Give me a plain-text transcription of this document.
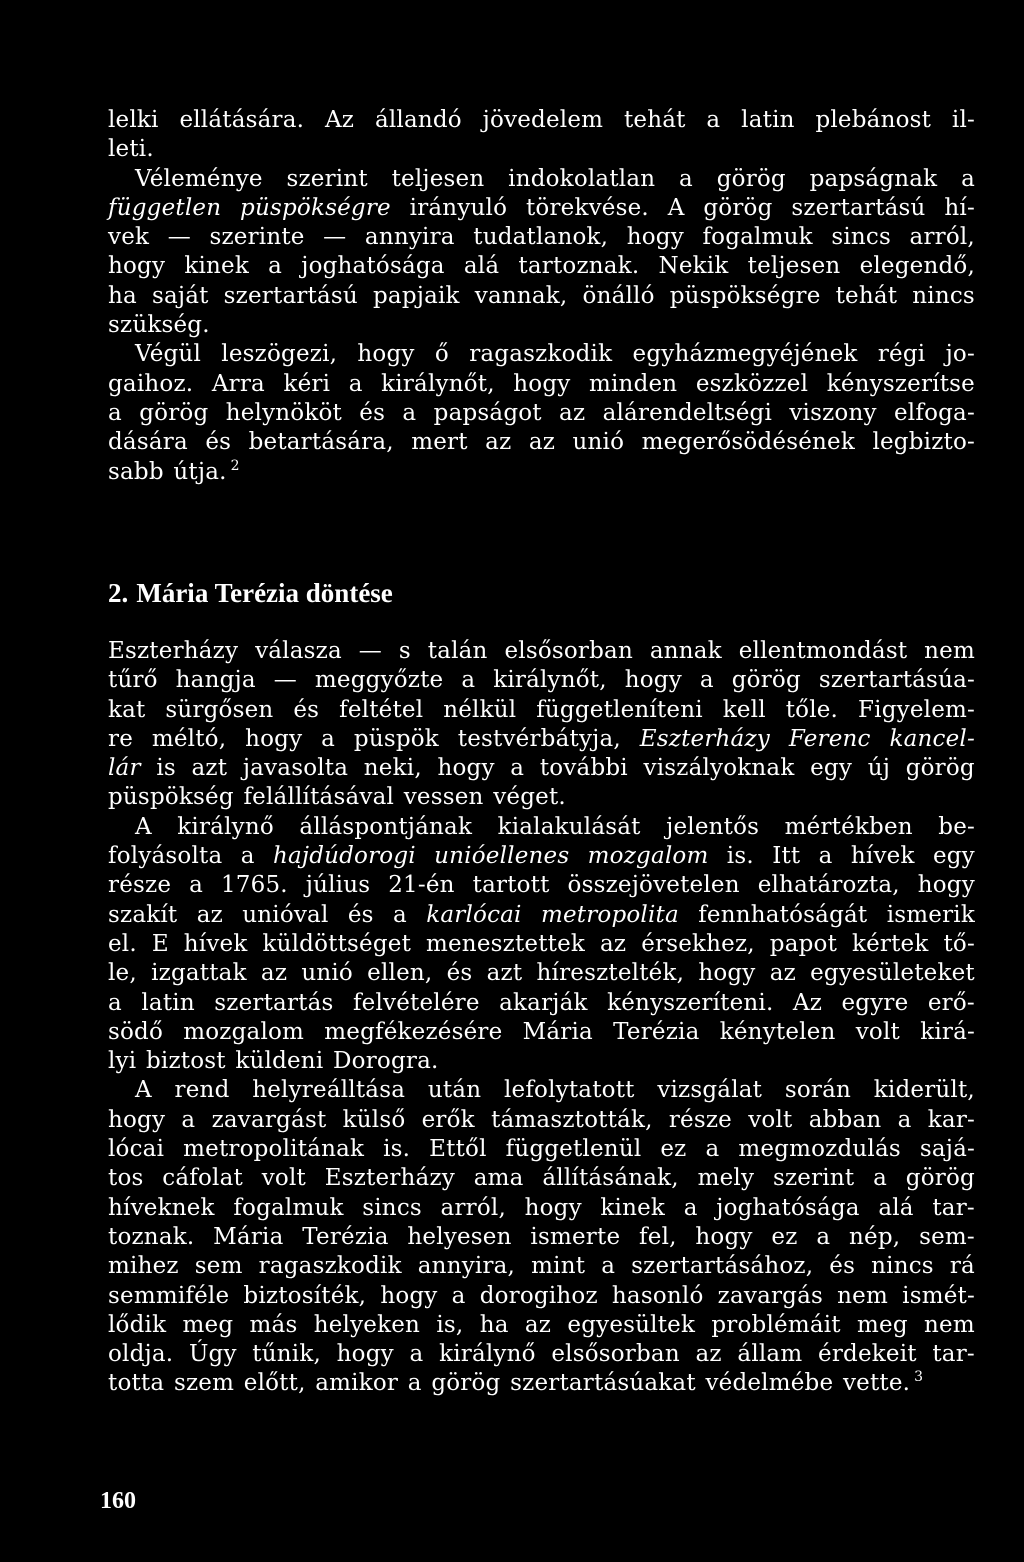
lelki ellátására. Az állandó jövedelem tehát a latin plebánost il-
leti.
Véleménye szerint teljesen indokolatlan a görög papságnak a
független püspökségre irányuló törekvése. A görög szertartású hí-
vek — szerinte — annyira tudatlanok, hogy fogalmuk sincs arról,
hogy kinek a joghatósága alá tartoznak. Nekik teljesen elegendő,
ha saját szertartású papjaik vannak, önálló püspökségre tehát nincs
szükség.
Végül leszögezi, hogy ő ragaszkodik egyházmegyéjének régi jo-
gaihoz. Arra kéri a királynőt, hogy minden eszközzel kényszerítse
a görög helynököt és a papságot az alárendeltségi viszony elfoga-
dására és betartására, mert az az unió megerősödésének legbizto-
sabb útja. $^2$
2. Mária Terézia döntése
Eszterházy válasza — s talán elsősorban annak ellentmondást nem
tűrő hangja — meggyőzte a királynőt, hogy a görög szertartásúa-
kat sürgősen és feltétel nélkül függetleníteni kell tőle. Figyelem-
re méltó, hogy a püspök testvérbátyja, Eszterházy Ferenc kancel-
lár is azt javasolta neki, hogy a további viszályoknak egy új görög
püspökség felállításával vessen véget.
A királynő álláspontjának kialakulását jelentős mértékben be-
folyásolta a hajdúdorogi unióellenes mozgalom is. Itt a hívek egy
része a 1765. július 21-én tartott összejövetelen elhatározta, hogy
szakít az unióval és a karlócai metropolita fennhatóságát ismerik
el. E hívek küldöttséget menesztettek az érsekhez, papot kértek tő-
le, izgattak az unió ellen, és azt híresztelték, hogy az egyesületeket
a latin szertartás felvételére akarják kényszeríteni. Az egyre erő-
södő mozgalom megfékezésére Mária Terézia kénytelen volt kirá-
lyi biztost küldeni Dorogra.
A rend helyreálltása után lefolytatott vizsgálat során kiderült,
hogy a zavargást külső erők támasztották, része volt abban a kar-
lócai metropolitának is. Ettől függetlenül ez a megmozdulás sajá-
tos cáfolat volt Eszterházy ama állításának, mely szerint a görög
híveknek fogalmuk sincs arról, hogy kinek a joghatósága alá tar-
toznak. Mária Terézia helyesen ismerte fel, hogy ez a nép, sem-
mihez sem ragaszkodik annyira, mint a szertartásához, és nincs rá
semmiféle biztosíték, hogy a dorogihoz hasonló zavargás nem ismét-
lődik meg más helyeken is, ha az egyesültek problémáit meg nem
oldja. Úgy tűnik, hogy a királynő elsősorban az állam érdekeit tar-
totta szem előtt, amikor a görög szertartásúakat védelmébe vette. $^3$
160
